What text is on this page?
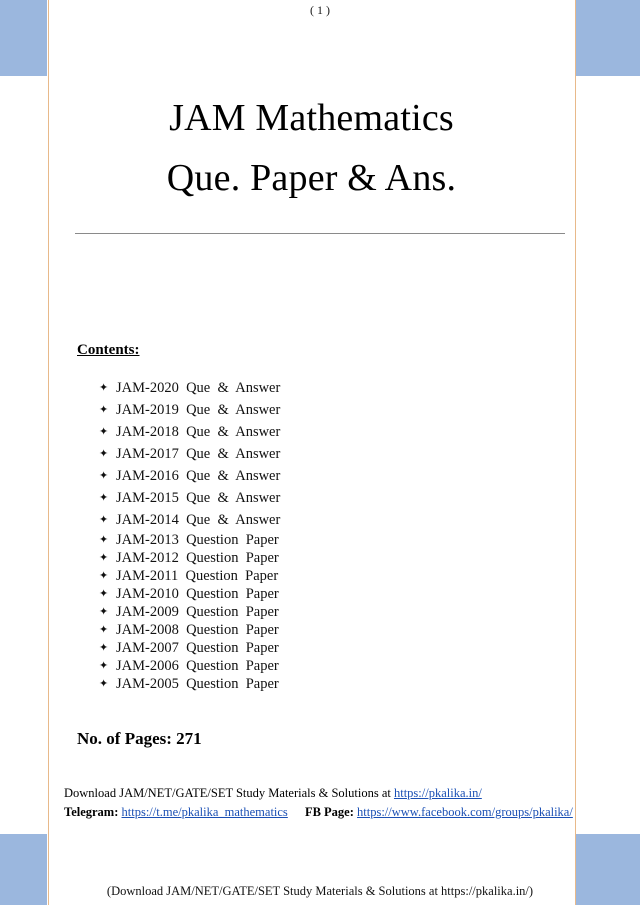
( 1 )
JAM Mathematics
Que. Paper & Ans.
Contents:
✦ JAM-2020  Que  &  Answer
✦ JAM-2019  Que  &  Answer
✦ JAM-2018  Que  &  Answer
✦ JAM-2017  Que  &  Answer
✦ JAM-2016  Que  &  Answer
✦ JAM-2015  Que  &  Answer
✦ JAM-2014  Que  &  Answer
✦ JAM-2013  Question  Paper
✦ JAM-2012  Question  Paper
✦ JAM-2011  Question  Paper
✦ JAM-2010  Question  Paper
✦ JAM-2009  Question  Paper
✦ JAM-2008  Question  Paper
✦ JAM-2007  Question  Paper
✦ JAM-2006  Question  Paper
✦ JAM-2005  Question  Paper
No. of Pages: 271
Download JAM/NET/GATE/SET Study Materials & Solutions at https://pkalika.in/
Telegram: https://t.me/pkalika_mathematics FB Page: https://www.facebook.com/groups/pkalika/
(Download JAM/NET/GATE/SET Study Materials & Solutions at https://pkalika.in/)
